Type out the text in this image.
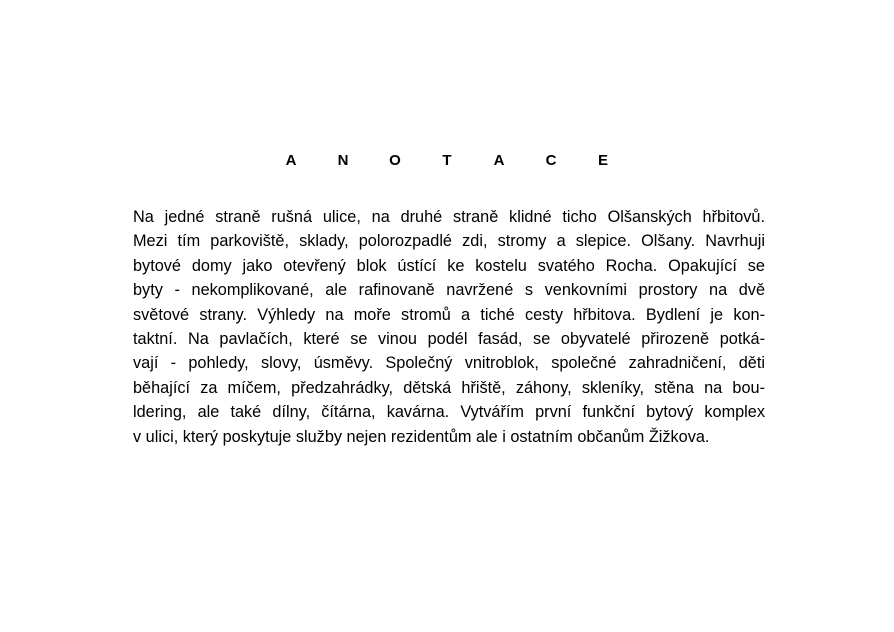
A	N	O	T	A	C	E
Na jedné straně rušná ulice, na druhé straně klidné ticho Olšanských hřbitovů.
Mezi tím parkoviště, sklady, polorozpadlé zdi, stromy a slepice. Olšany. Navrhuji
bytové domy jako otevřený blok ústící ke kostelu svatého Rocha. Opakující se
byty - nekomplikované, ale rafinovaně navržené s venkovními prostory na dvě
světové strany. Výhledy na moře stromů a tiché cesty hřbitova. Bydlení je kon-
taktní. Na pavlačích, které se vinou podél fasád, se obyvatelé přirozeně potká-
vají - pohledy, slovy, úsměvy. Společný vnitroblok, společné zahradničení, děti
běhající za míčem, předzahrádky, dětská hřiště, záhony, skleníky, stěna na bou-
ldering, ale také dílny, čítárna, kavárna. Vytvářím první funkční bytový komplex
v ulici, který poskytuje služby nejen rezidentům ale i ostatním občanům Žižkova.
